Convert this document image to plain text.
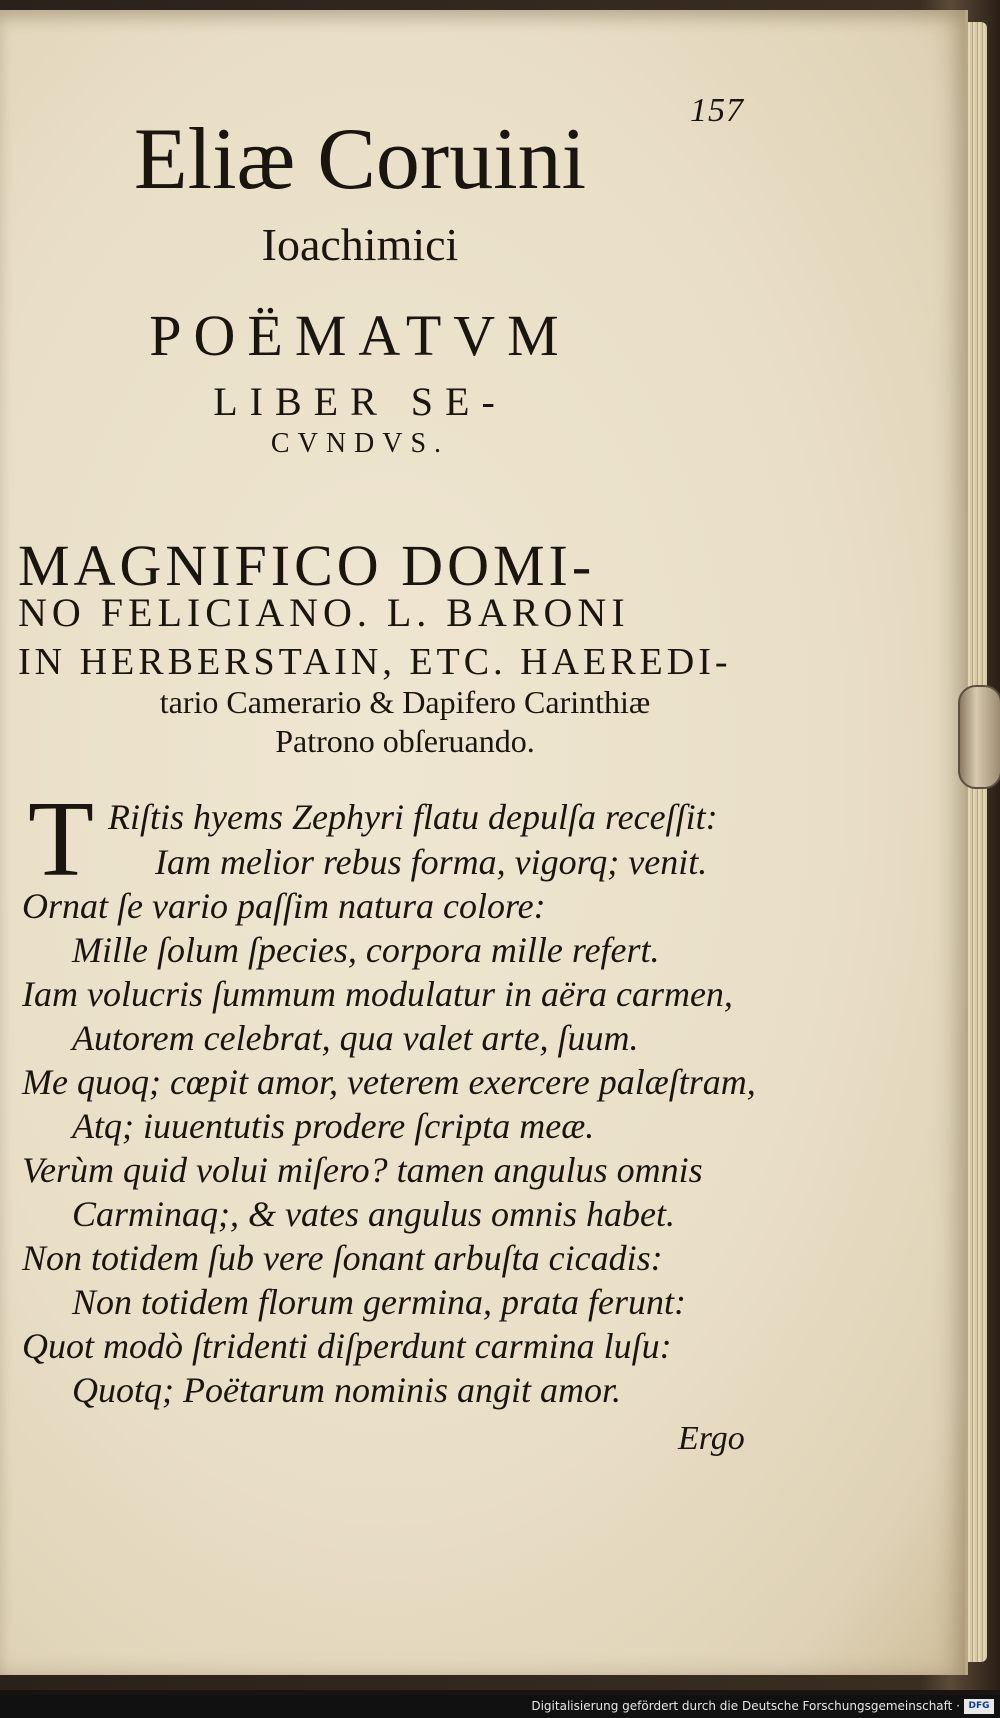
157
Eliæ Coruini
Ioachimici
POËMATVM
LIBER SE-
CVNDVS.
MAGNIFICO DOMI-
NO FELICIANO. L. BARONI
IN HERBERSTAIN, ETC. HAEREDI-
tario Camerario & Dapifero Carinthiæ
Patrono obſeruando.
T Riſtis hyems Zephyri flatu depulſa receſſit:
Iam melior rebus forma, vigorq; venit.
Ornat ſe vario paſſim natura colore:
Mille ſolum ſpecies, corpora mille refert.
Iam volucris ſummum modulatur in aëra carmen,
Autorem celebrat, qua valet arte, ſuum.
Me quoq; cœpit amor, veterem exercere palæſtram,
Atq; iuuentutis prodere ſcripta meæ.
Verùm quid volui miſero? tamen angulus omnis
Carminaq;, & vates angulus omnis habet.
Non totidem ſub vere ſonant arbuſta cicadis:
Non totidem florum germina, prata ferunt:
Quot modò ſtridenti diſperdunt carmina luſu:
Quotq; Poëtarum nominis angit amor.
Ergo
Digitalisierung gefördert durch die Deutsche Forschungsgemeinschaft · DFG
